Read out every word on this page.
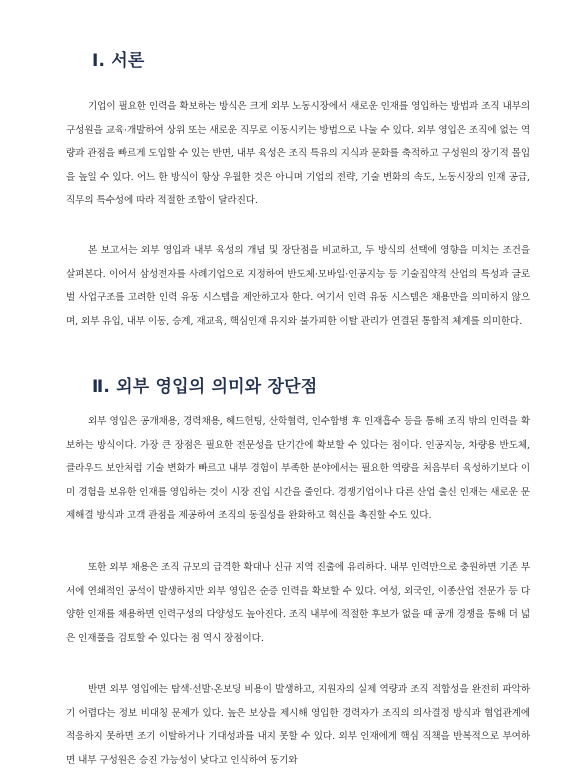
Ⅰ. 서론

기업이 필요한 인력을 확보하는 방식은 크게 외부 노동시장에서 새로운 인재를 영입하는 방법과 조직 내부의 구성원을 교육·개발하여 상위 또는 새로운 직무로 이동시키는 방법으로 나눌 수 있다. 외부 영입은 조직에 없는 역량과 관점을 빠르게 도입할 수 있는 반면, 내부 육성은 조직 특유의 지식과 문화를 축적하고 구성원의 장기적 몰입을 높일 수 있다. 어느 한 방식이 항상 우월한 것은 아니며 기업의 전략, 기술 변화의 속도, 노동시장의 인재 공급, 직무의 특수성에 따라 적절한 조합이 달라진다.

본 보고서는 외부 영입과 내부 육성의 개념 및 장단점을 비교하고, 두 방식의 선택에 영향을 미치는 조건을 살펴본다. 이어서 삼성전자를 사례기업으로 지정하여 반도체·모바일·인공지능 등 기술집약적 산업의 특성과 글로벌 사업구조를 고려한 인력 유동 시스템을 제안하고자 한다. 여기서 인력 유동 시스템은 채용만을 의미하지 않으며, 외부 유입, 내부 이동, 승계, 재교육, 핵심인재 유지와 불가피한 이탈 관리가 연결된 통합적 체계를 의미한다.

Ⅱ. 외부 영입의 의미와 장단점

외부 영입은 공개채용, 경력채용, 헤드헌팅, 산학협력, 인수합병 후 인재흡수 등을 통해 조직 밖의 인력을 확보하는 방식이다. 가장 큰 장점은 필요한 전문성을 단기간에 확보할 수 있다는 점이다. 인공지능, 차량용 반도체, 클라우드 보안처럼 기술 변화가 빠르고 내부 경험이 부족한 분야에서는 필요한 역량을 처음부터 육성하기보다 이미 경험을 보유한 인재를 영입하는 것이 시장 진입 시간을 줄인다. 경쟁기업이나 다른 산업 출신 인재는 새로운 문제해결 방식과 고객 관점을 제공하여 조직의 동질성을 완화하고 혁신을 촉진할 수도 있다.

또한 외부 채용은 조직 규모의 급격한 확대나 신규 지역 진출에 유리하다. 내부 인력만으로 충원하면 기존 부서에 연쇄적인 공석이 발생하지만 외부 영입은 순증 인력을 확보할 수 있다. 여성, 외국인, 이종산업 전문가 등 다양한 인재를 채용하면 인력구성의 다양성도 높아진다. 조직 내부에 적절한 후보가 없을 때 공개 경쟁을 통해 더 넓은 인재풀을 검토할 수 있다는 점 역시 장점이다.

반면 외부 영입에는 탐색·선발·온보딩 비용이 발생하고, 지원자의 실제 역량과 조직 적합성을 완전히 파악하기 어렵다는 정보 비대칭 문제가 있다. 높은 보상을 제시해 영입한 경력자가 조직의 의사결정 방식과 협업관계에 적응하지 못하면 조기 이탈하거나 기대성과를 내지 못할 수 있다. 외부 인재에게 핵심 직책을 반복적으로 부여하면 내부 구성원은 승진 가능성이 낮다고 인식하여 동기와
